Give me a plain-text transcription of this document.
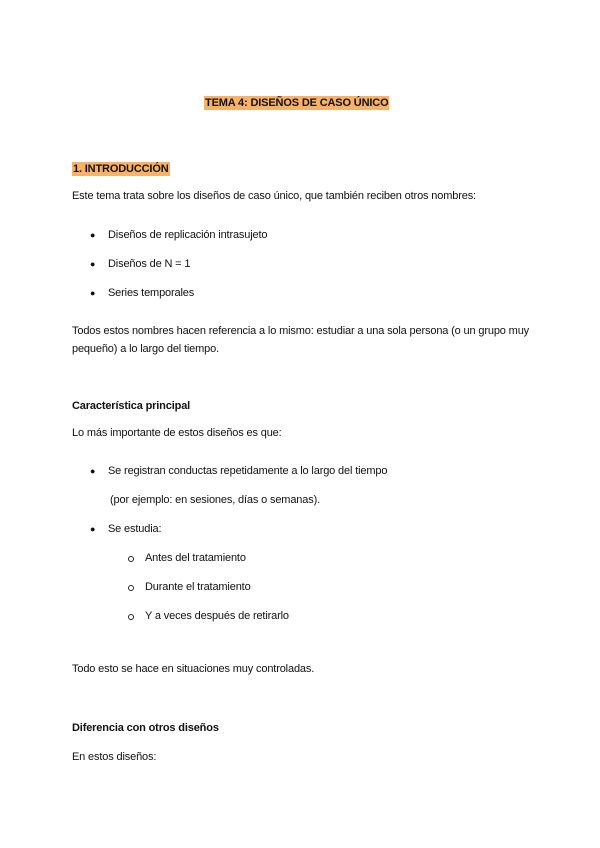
TEMA 4: DISEÑOS DE CASO ÚNICO
1. INTRODUCCIÓN
Este tema trata sobre los diseños de caso único, que también reciben otros nombres:
● Diseños de replicación intrasujeto
● Diseños de N = 1
● Series temporales
Todos estos nombres hacen referencia a lo mismo: estudiar a una sola persona (o un grupo muy pequeño) a lo largo del tiempo.
Característica principal
Lo más importante de estos diseños es que:
● Se registran conductas repetidamente a lo largo del tiempo
(por ejemplo: en sesiones, días o semanas).
● Se estudia:
Antes del tratamiento
Durante el tratamiento
Y a veces después de retirarlo
Todo esto se hace en situaciones muy controladas.
Diferencia con otros diseños
En estos diseños:
